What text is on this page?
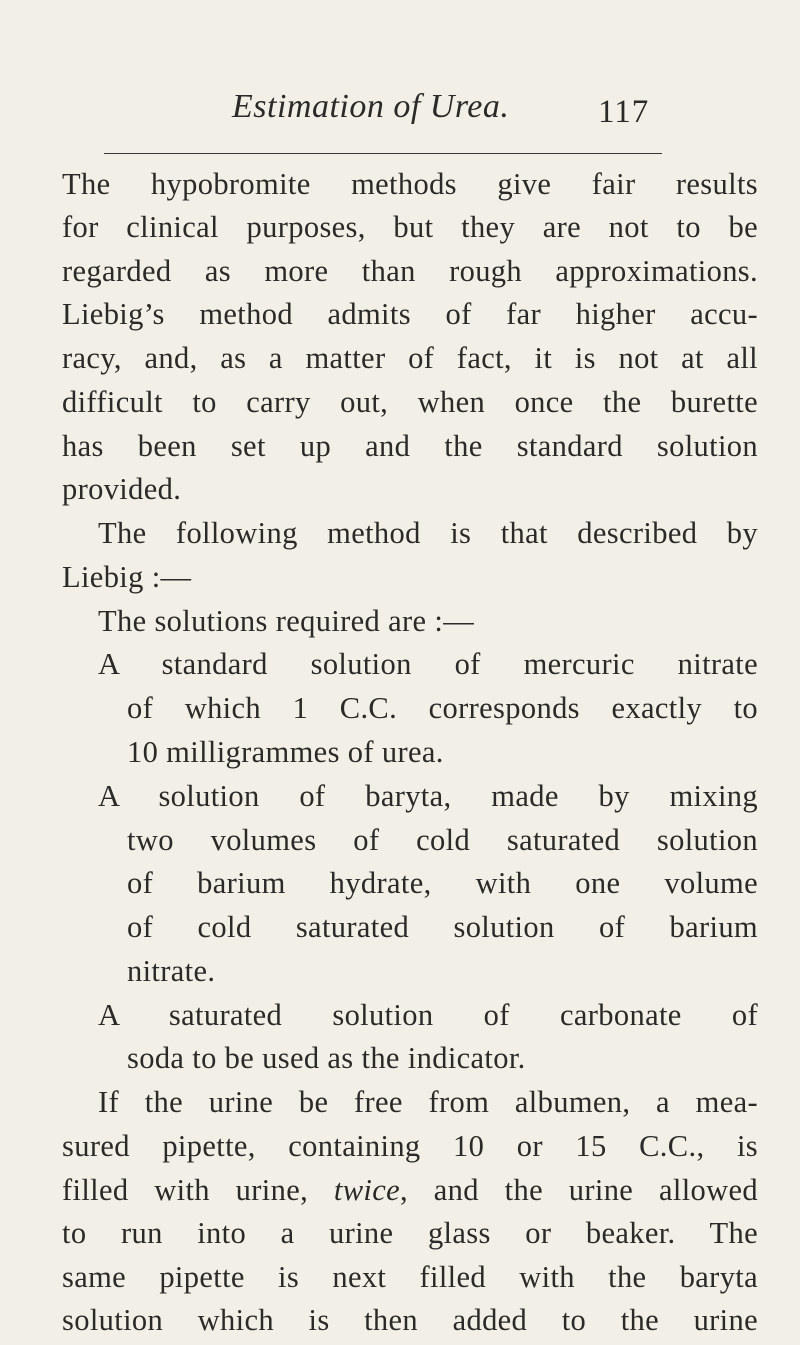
Estimation of Urea.	117
The hypobromite methods give fair results
for clinical purposes, but they are not to be
regarded as more than rough approximations.
Liebig’s method admits of far higher accu-
racy, and, as a matter of fact, it is not at all
difficult to carry out, when once the burette
has been set up and the standard solution
provided.
The following method is that described by
Liebig :—
The solutions required are :—
A standard solution of mercuric nitrate
of which 1 C.C. corresponds exactly to
10 milligrammes of urea.
A solution of baryta, made by mixing
two volumes of cold saturated solution
of barium hydrate, with one volume
of cold saturated solution of barium
nitrate.
A saturated solution of carbonate of
soda to be used as the indicator.
If the urine be free from albumen, a mea-
sured pipette, containing 10 or 15 C.C., is
filled with urine, twice, and the urine allowed
to run into a urine glass or beaker. The
same pipette is next filled with the baryta
solution which is then added to the urine
